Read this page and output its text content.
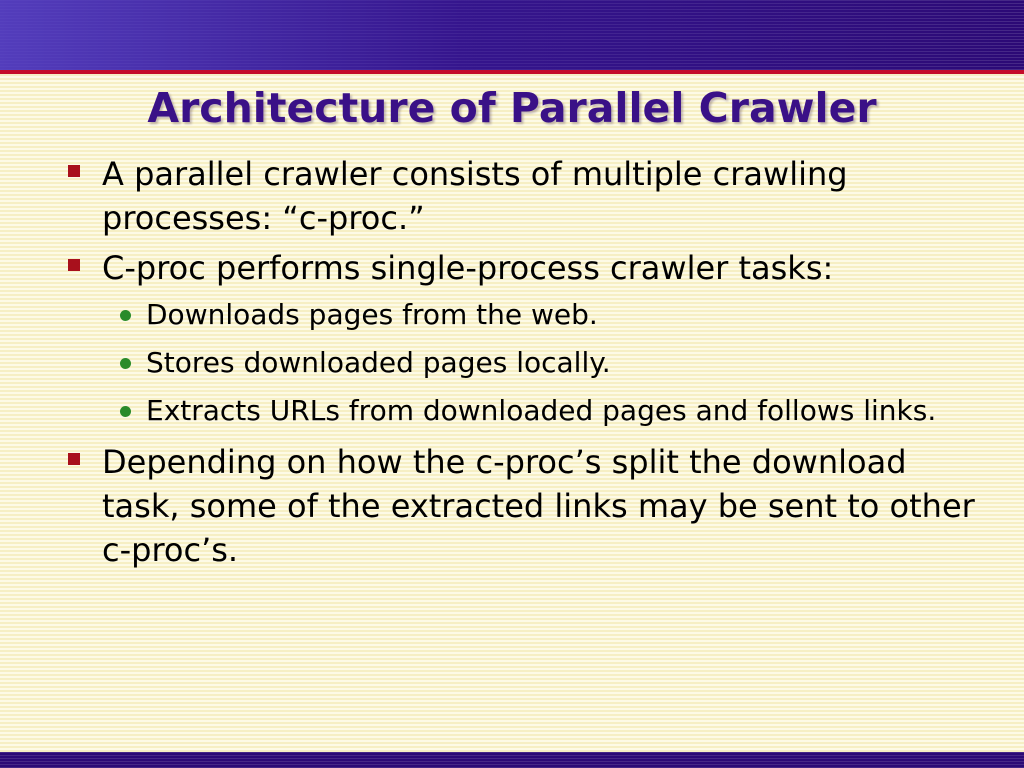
Architecture of Parallel Crawler
A parallel crawler consists of multiple crawling processes: “c-proc.”
C-proc performs single-process crawler tasks:
Downloads pages from the web.
Stores downloaded pages locally.
Extracts URLs from downloaded pages and follows links.
Depending on how the c-proc’s split the download task, some of the extracted links may be sent to other c-proc’s.
